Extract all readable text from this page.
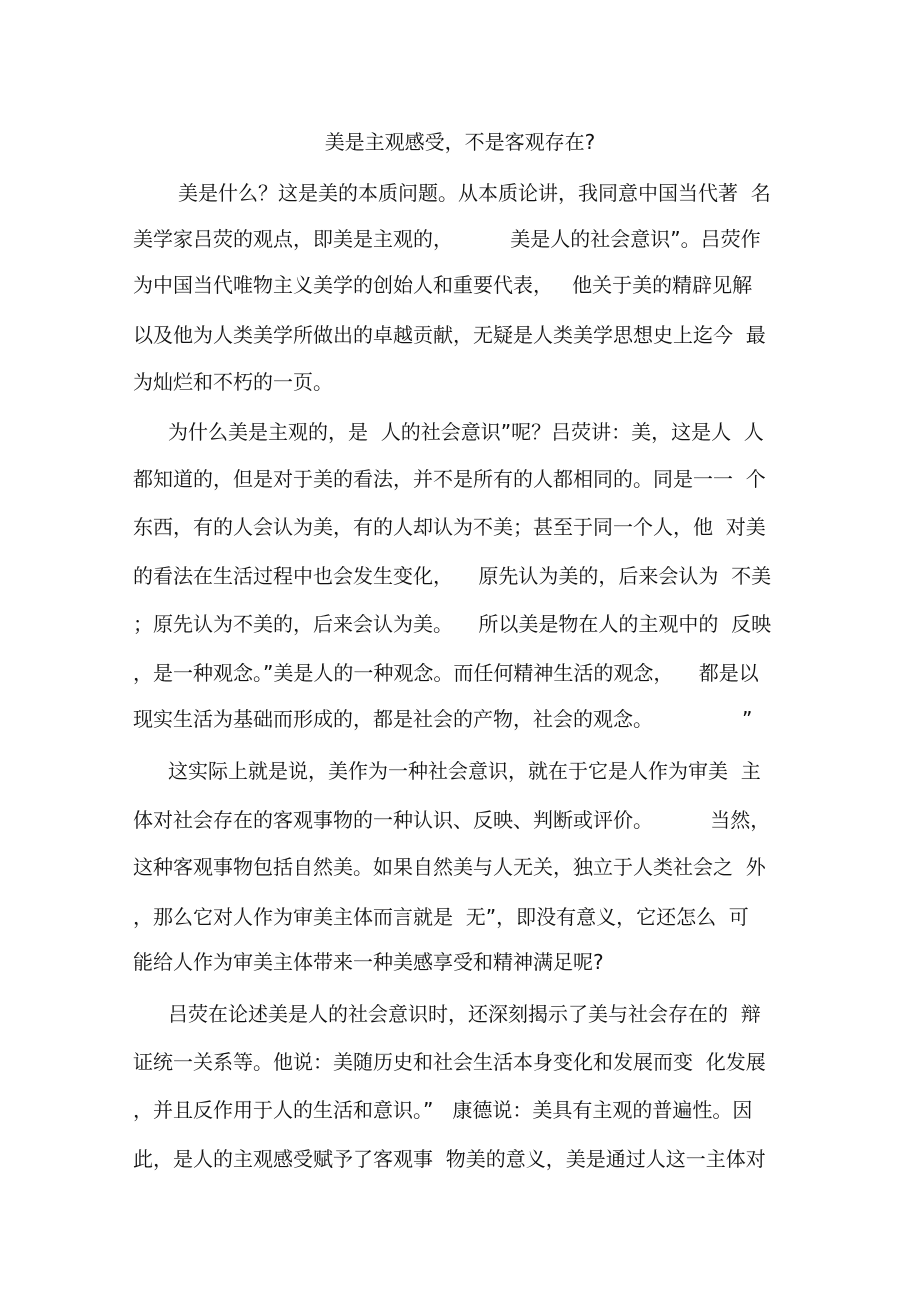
美是主观感受，不是客观存在?
美是什么？这是美的本质问题。从本质论讲，我同意中国当代著  名
美学家吕荧的观点，即美是主观的，         美是人的社会意识”。吕荧作
为中国当代唯物主义美学的创始人和重要代表，   他关于美的精辟见解
以及他为人类美学所做出的卓越贡献，无疑是人类美学思想史上迄今  最
为灿烂和不朽的一页。
为什么美是主观的，是  人的社会意识”呢？吕荧讲：美，这是人  人
都知道的，但是对于美的看法，并不是所有的人都相同的。同是一一  个
东西，有的人会认为美，有的人却认为不美；甚至于同一个人，他  对美
的看法在生活过程中也会发生变化，    原先认为美的，后来会认为  不美
；原先认为不美的，后来会认为美。    所以美是物在人的主观中的  反映
，是一种观念。”美是人的一种观念。而任何精神生活的观念，    都是以
现实生活为基础而形成的，都是社会的产物，社会的观念。              ”
这实际上就是说，美作为一种社会意识，就在于它是人作为审美  主
体对社会存在的客观事物的一种认识、反映、判断或评价。         当然，
这种客观事物包括自然美。如果自然美与人无关，独立于人类社会之  外
，那么它对人作为审美主体而言就是  无”，即没有意义，它还怎么  可
能给人作为审美主体带来一种美感享受和精神满足呢?
吕荧在论述美是人的社会意识时，还深刻揭示了美与社会存在的  辩
证统一关系等。他说：美随历史和社会生活本身变化和发展而变  化发展
，并且反作用于人的生活和意识。”   康德说：美具有主观的普遍性。因
此，是人的主观感受赋予了客观事  物美的意义，美是通过人这一主体对
